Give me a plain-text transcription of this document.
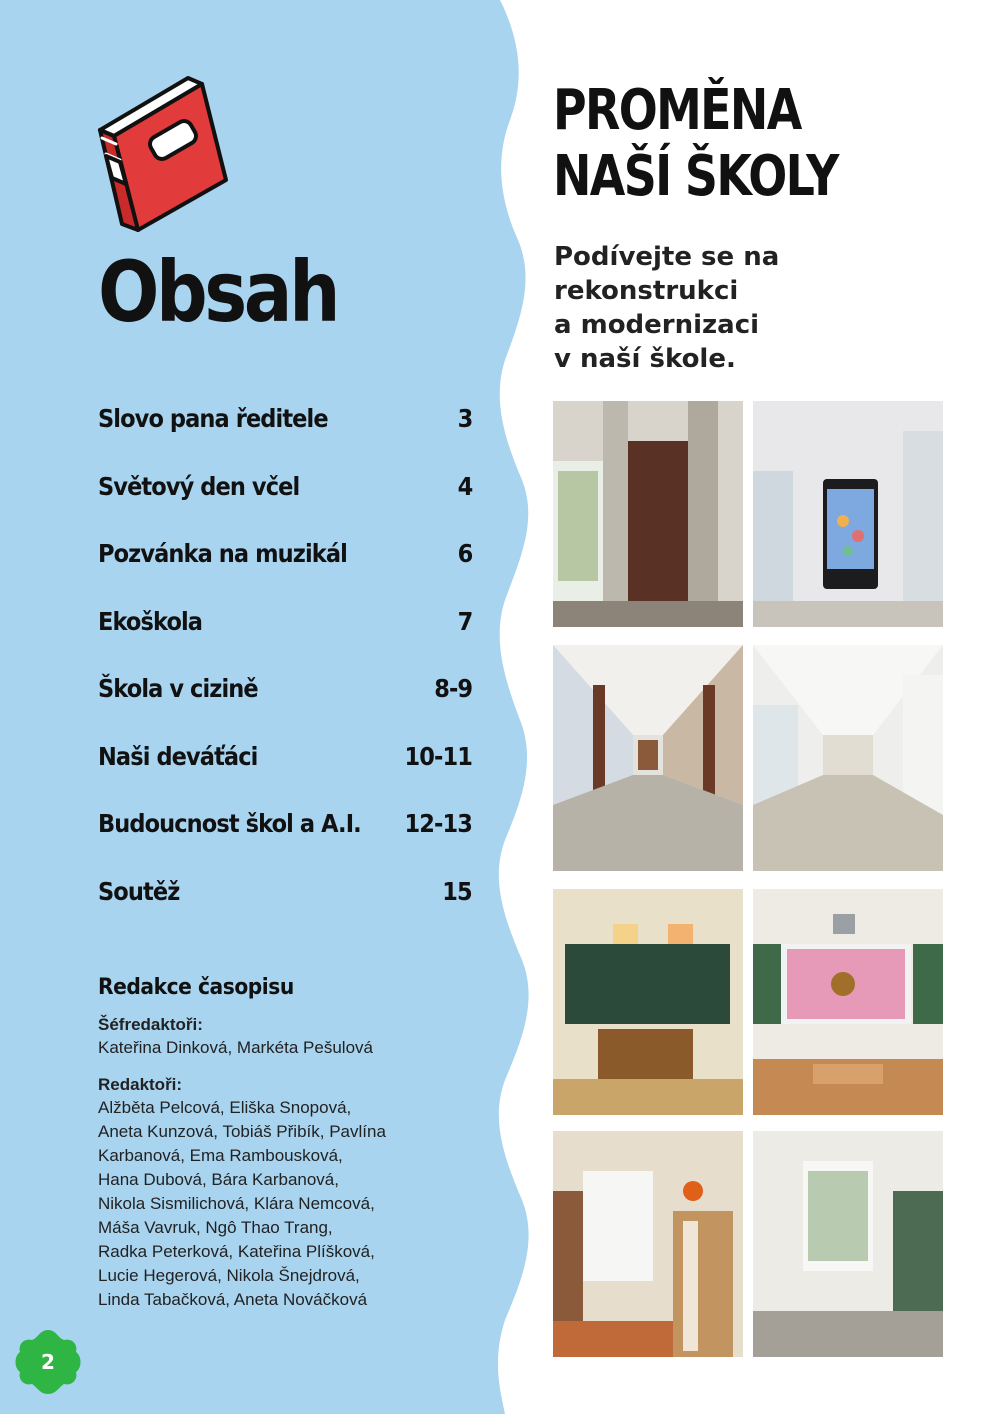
Obsah
Slovo pana ředitele	3
Světový den včel	4
Pozvánka na muzikál	6
Ekoškola	7
Škola v cizině	8-9
Naši deváťáci	10-11
Budoucnost škol a A.I. 12-13
Soutěž	15
Redakce časopisu
Šéfredaktoři:
Kateřina Dinková, Markéta Pešulová
Redaktoři:
Alžběta Pelcová, Eliška Snopová,
Aneta Kunzová, Tobiáš Přibík, Pavlína
Karbanová, Ema Rambousková,
Hana Dubová, Bára Karbanová,
Nikola Sismilichová, Klára Nemcová,
Máša Vavruk, Ngô Thao Trang,
Radka Peterková, Kateřina Plíšková,
Lucie Hegerová, Nikola Šnejdrová,
Linda Tabačková, Aneta Nováčková
2
PROMĚNA
NAŠÍ ŠKOLY

Podívejte se na
rekonstrukci
a modernizaci
v naší škole.
